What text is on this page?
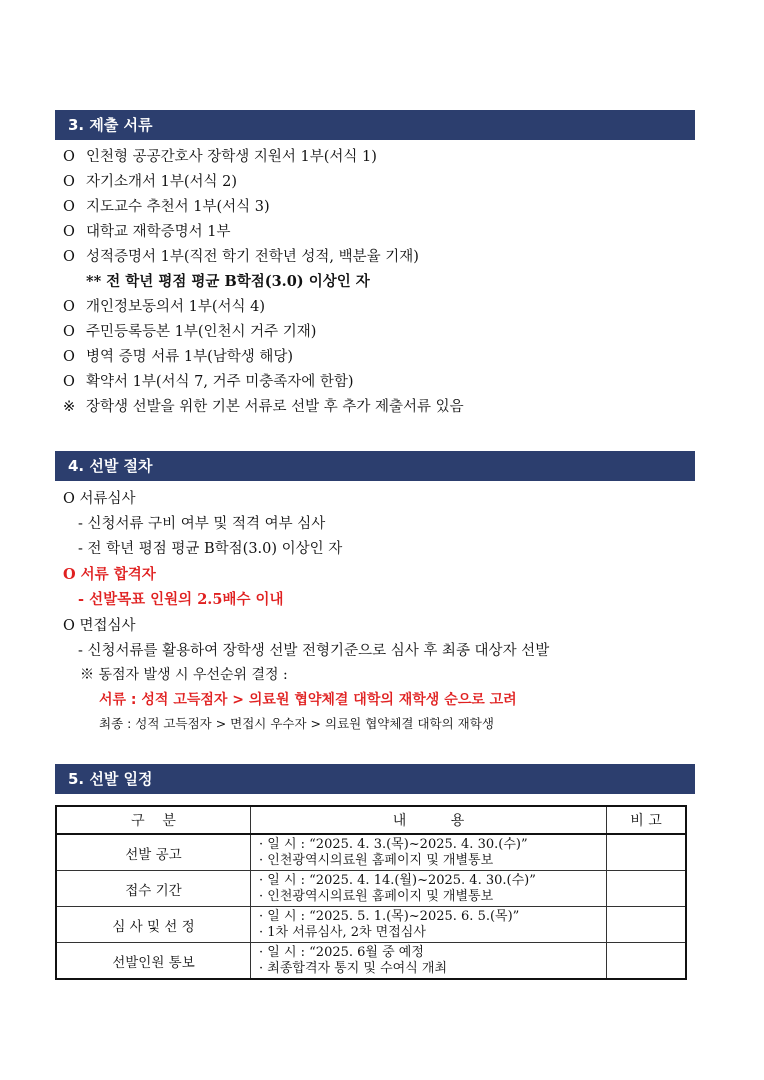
3. 제출 서류
O 인천형 공공간호사 장학생 지원서 1부(서식 1)
O 자기소개서 1부(서식 2)
O 지도교수 추천서 1부(서식 3)
O 대학교 재학증명서 1부
O 성적증명서 1부(직전 학기 전학년 성적, 백분율 기재)
** 전 학년 평점 평균 B학점(3.0) 이상인 자
O 개인정보동의서 1부(서식 4)
O 주민등록등본 1부(인천시 거주 기재)
O 병역 증명 서류 1부(남학생 해당)
O 확약서 1부(서식 7, 거주 미충족자에 한함)
※ 장학생 선발을 위한 기본 서류로 선발 후 추가 제출서류 있음
4. 선발 절차
O 서류심사
- 신청서류 구비 여부 및 적격 여부 심사
- 전 학년 평점 평균 B학점(3.0) 이상인 자
O 서류 합격자
- 선발목표 인원의 2.5배수 이내
O 면접심사
- 신청서류를 활용하여 장학생 선발 전형기준으로 심사 후 최종 대상자 선발
※ 동점자 발생 시 우선순위 결정 :
서류 : 성적 고득점자 > 의료원 협약체결 대학의 재학생 순으로 고려
최종 : 성적 고득점자 > 면접시 우수자 > 의료원 협약체결 대학의 재학생
5. 선발 일정
구    분	내          용	비 고
선발 공고	· 일 시 : “2025. 4. 3.(목)~2025. 4. 30.(수)”
· 인천광역시의료원 홈페이지 및 개별통보	

접수 기간	· 일 시 : “2025. 4. 14.(월)~2025. 4. 30.(수)”
· 인천광역시의료원 홈페이지 및 개별통보	

심 사 및 선 정	· 일 시 : “2025. 5. 1.(목)~2025. 6. 5.(목)”
· 1차 서류심사, 2차 면접심사	

선발인원 통보	· 일 시 : “2025. 6월 중 예정
· 최종합격자 통지 및 수여식 개최	
